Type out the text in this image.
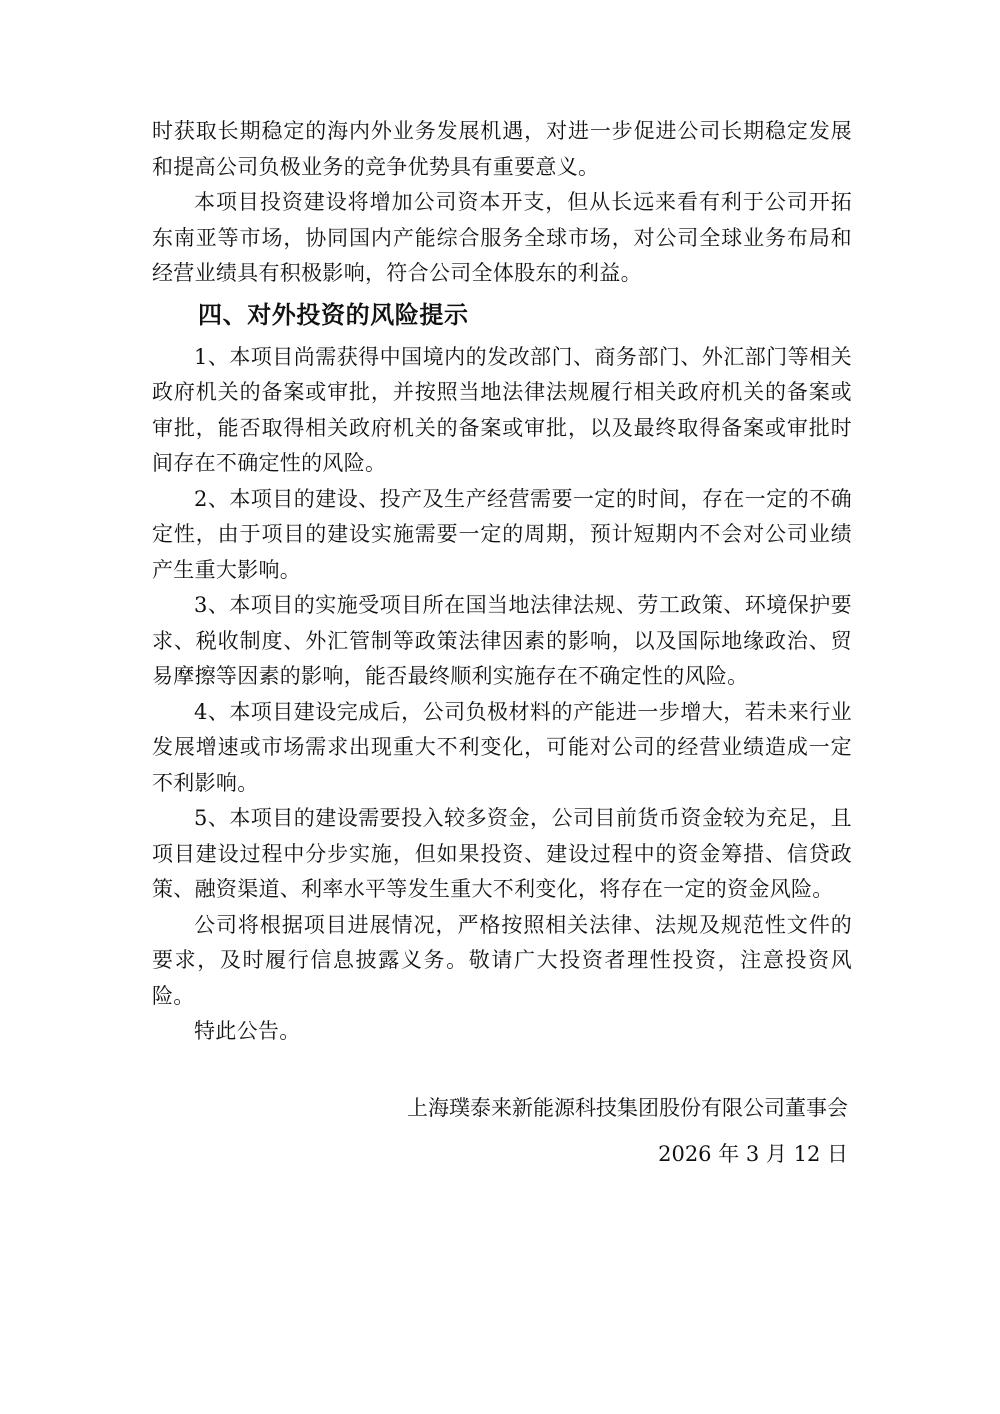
时获取长期稳定的海内外业务发展机遇，对进一步促进公司长期稳定发展和提高公司负极业务的竞争优势具有重要意义。

本项目投资建设将增加公司资本开支，但从长远来看有利于公司开拓东南亚等市场，协同国内产能综合服务全球市场，对公司全球业务布局和经营业绩具有积极影响，符合公司全体股东的利益。

四、对外投资的风险提示

1、本项目尚需获得中国境内的发改部门、商务部门、外汇部门等相关政府机关的备案或审批，并按照当地法律法规履行相关政府机关的备案或审批，能否取得相关政府机关的备案或审批，以及最终取得备案或审批时间存在不确定性的风险。

2、本项目的建设、投产及生产经营需要一定的时间，存在一定的不确定性，由于项目的建设实施需要一定的周期，预计短期内不会对公司业绩产生重大影响。

3、本项目的实施受项目所在国当地法律法规、劳工政策、环境保护要求、税收制度、外汇管制等政策法律因素的影响，以及国际地缘政治、贸易摩擦等因素的影响，能否最终顺利实施存在不确定性的风险。

4、本项目建设完成后，公司负极材料的产能进一步增大，若未来行业发展增速或市场需求出现重大不利变化，可能对公司的经营业绩造成一定不利影响。

5、本项目的建设需要投入较多资金，公司目前货币资金较为充足，且项目建设过程中分步实施，但如果投资、建设过程中的资金筹措、信贷政策、融资渠道、利率水平等发生重大不利变化，将存在一定的资金风险。

公司将根据项目进展情况，严格按照相关法律、法规及规范性文件的要求，及时履行信息披露义务。敬请广大投资者理性投资，注意投资风险。

特此公告。

上海璞泰来新能源科技集团股份有限公司董事会
2026 年 3 月 12 日
